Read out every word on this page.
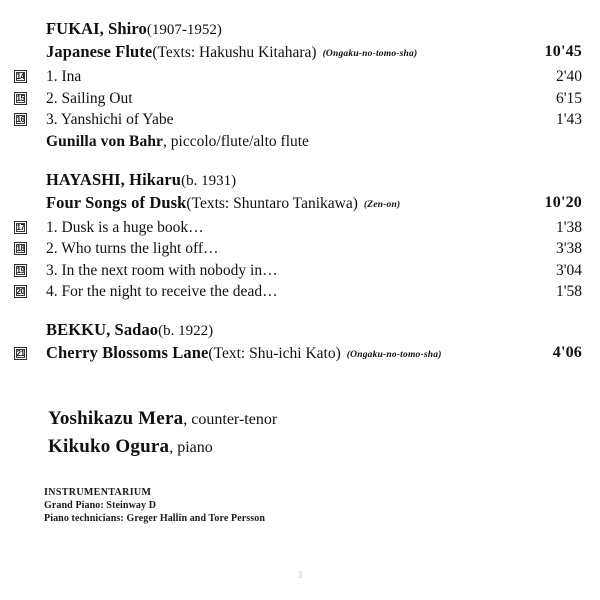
FUKAI, Shiro(1907-1952)
Japanese Flute(Texts: Hakushu Kitahara) (Ongaku-no-tomo-sha)	10'45
14 1. Ina	2'40
15 2. Sailing Out	6'15
16 3. Yanshichi of Yabe	1'43
Gunilla von Bahr, piccolo/flute/alto flute
HAYASHI, Hikaru(b. 1931)
Four Songs of Dusk(Texts: Shuntaro Tanikawa) (Zen-on)	10'20
17 1. Dusk is a huge book…	1'38
18 2. Who turns the light off…	3'38
19 3. In the next room with nobody in…	3'04
20 4. For the night to receive the dead…	1'58
BEKKU, Sadao(b. 1922)
21 Cherry Blossoms Lane(Text: Shu-ichi Kato) (Ongaku-no-tomo-sha)	4'06
Yoshikazu Mera, counter-tenor
Kikuko Ogura, piano
INSTRUMENTARIUM
Grand Piano: Steinway D
Piano technicians: Greger Hallin and Tore Persson
3
